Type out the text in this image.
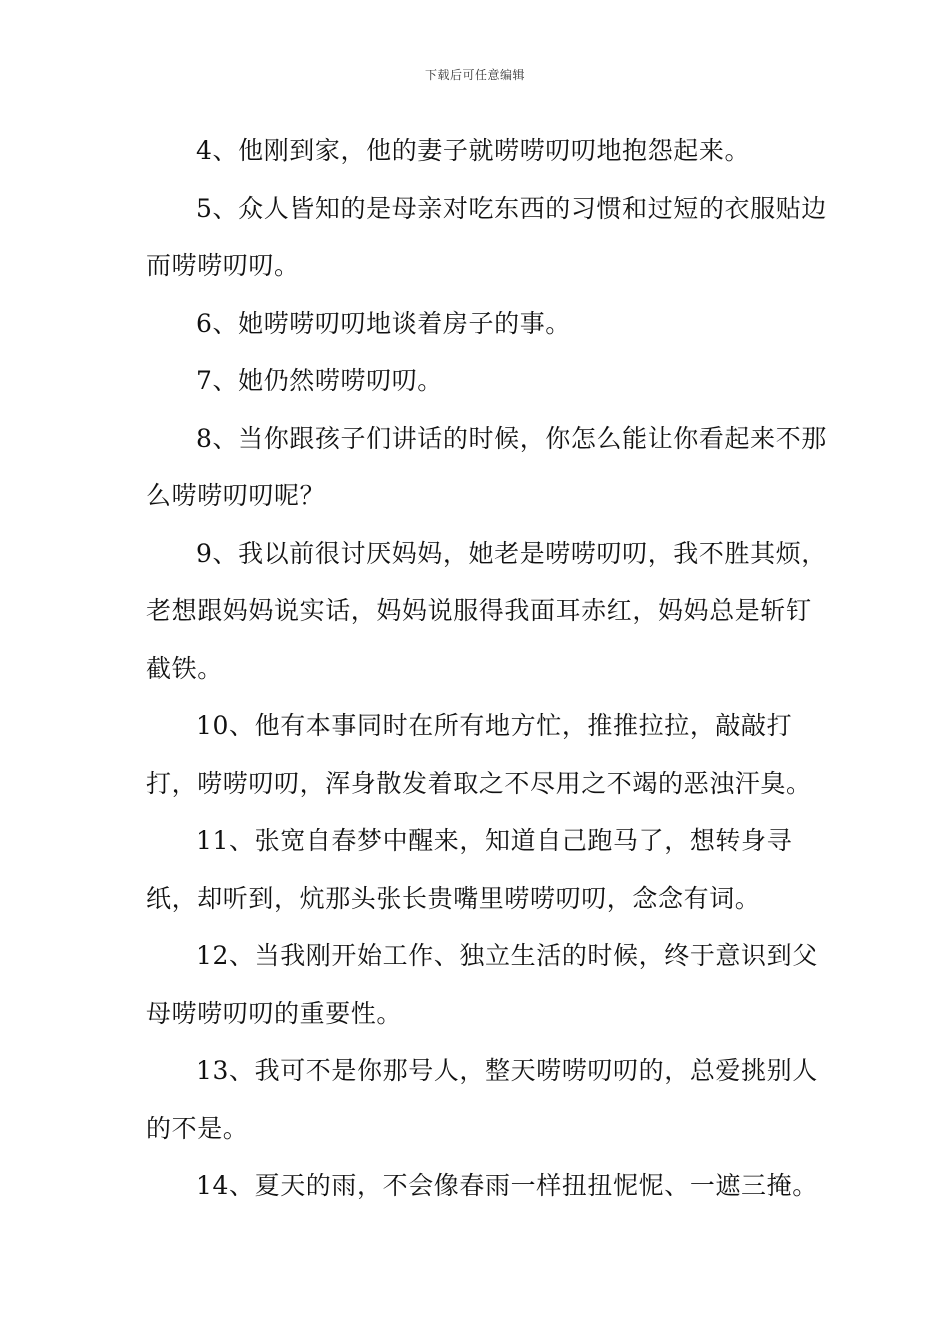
下载后可任意编辑

4、他刚到家，他的妻子就唠唠叨叨地抱怨起来。

5、众人皆知的是母亲对吃东西的习惯和过短的衣服贴边而唠唠叨叨。

6、她唠唠叨叨地谈着房子的事。

7、她仍然唠唠叨叨。

8、当你跟孩子们讲话的时候，你怎么能让你看起来不那么唠唠叨叨呢？

9、我以前很讨厌妈妈，她老是唠唠叨叨，我不胜其烦，老想跟妈妈说实话，妈妈说服得我面耳赤红，妈妈总是斩钉截铁。

10、他有本事同时在所有地方忙，推推拉拉，敲敲打打，唠唠叨叨，浑身散发着取之不尽用之不竭的恶浊汗臭。

11、张宽自春梦中醒来，知道自己跑马了，想转身寻纸，却听到，炕那头张长贵嘴里唠唠叨叨，念念有词。

12、当我刚开始工作、独立生活的时候，终于意识到父母唠唠叨叨的重要性。

13、我可不是你那号人，整天唠唠叨叨的，总爱挑别人的不是。

14、夏天的雨，不会像春雨一样扭扭怩怩、一遮三掩。
